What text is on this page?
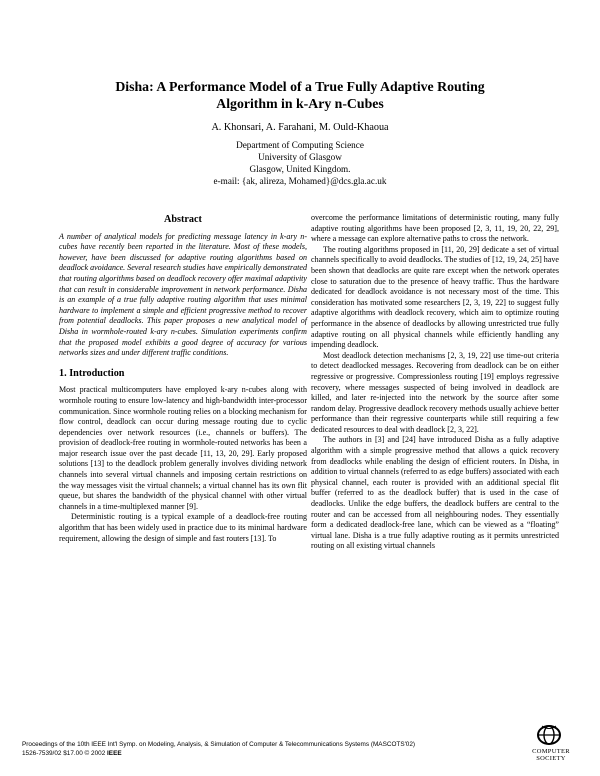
Disha: A Performance Model of a True Fully Adaptive Routing
Algorithm in k-Ary n-Cubes
A. Khonsari, A. Farahani, M. Ould-Khaoua
Department of Computing Science
University of Glasgow
Glasgow, United Kingdom.
e-mail: {ak, alireza, Mohamed}@dcs.gla.ac.uk
Abstract

A number of analytical models for predicting message latency in k-ary n-cubes have recently been reported in the literature. Most of these models, however, have been discussed for adaptive routing algorithms based on deadlock avoidance. Several research studies have empirically demonstrated that routing algorithms based on deadlock recovery offer maximal adaptivity that can result in considerable improvement in network performance. Disha is an example of a true fully adaptive routing algorithm that uses minimal hardware to implement a simple and efficient progressive method to recover from potential deadlocks. This paper proposes a new analytical model of Disha in wormhole-routed k-ary n-cubes. Simulation experiments confirm that the proposed model exhibits a good degree of accuracy for various networks sizes and under different traffic conditions.

1. Introduction

Most practical multicomputers have employed k-ary n-cubes along with wormhole routing to ensure low-latency and high-bandwidth inter-processor communication. Since wormhole routing relies on a blocking mechanism for flow control, deadlock can occur during message routing due to cyclic dependencies over network resources (i.e., channels or buffers). The provision of deadlock-free routing in wormhole-routed networks has been a major research issue over the past decade [11, 13, 20, 29]. Early proposed solutions [13] to the deadlock problem generally involves dividing network channels into several virtual channels and imposing certain restrictions on the way messages visit the virtual channels; a virtual channel has its own flit queue, but shares the bandwidth of the physical channel with other virtual channels in a time-multiplexed manner [9].

Deterministic routing is a typical example of a deadlock-free routing algorithm that has been widely used in practice due to its minimal hardware requirement, allowing the design of simple and fast routers [13]. To

overcome the performance limitations of deterministic routing, many fully adaptive routing algorithms have been proposed [2, 3, 11, 19, 20, 22, 29], where a message can explore alternative paths to cross the network.

The routing algorithms proposed in [11, 20, 29] dedicate a set of virtual channels specifically to avoid deadlocks. The studies of [12, 19, 24, 25] have been shown that deadlocks are quite rare except when the network operates close to saturation due to the presence of heavy traffic. Thus the hardware dedicated for deadlock avoidance is not necessary most of the time. This consideration has motivated some researchers [2, 3, 19, 22] to suggest fully adaptive algorithms with deadlock recovery, which aim to optimize routing performance in the absence of deadlocks by allowing unrestricted true fully adaptive routing on all physical channels while efficiently handling any impending deadlock.

Most deadlock detection mechanisms [2, 3, 19, 22] use time-out criteria to detect deadlocked messages. Recovering from deadlock can be on either regressive or progressive. Compressionless routing [19] employs regressive recovery, where messages suspected of being involved in deadlock are killed, and later re-injected into the network by the source after some random delay. Progressive deadlock recovery methods usually achieve better performance than their regressive counterparts while still requiring a few dedicated resources to deal with deadlock [2, 3, 22].

The authors in [3] and [24] have introduced Disha as a fully adaptive algorithm with a simple progressive method that allows a quick recovery from deadlocks while enabling the design of efficient routers. In Disha, in addition to virtual channels (referred to as edge buffers) associated with each physical channel, each router is provided with an additional special flit buffer (referred to as the deadlock buffer) that is used in the case of deadlocks. Unlike the edge buffers, the deadlock buffers are central to the router and can be accessed from all neighbouring nodes. They essentially form a dedicated deadlock-free lane, which can be viewed as a “floating” virtual lane. Disha is a true fully adaptive routing as it permits unrestricted routing on all existing virtual channels

Proceedings of the 10th IEEE Int'l Symp. on Modeling, Analysis, & Simulation of Computer & Telecommunications Systems (MASCOTS'02)
1526-7539/02 $17.00 © 2002 IEEE	COMPUTER
SOCIETY
